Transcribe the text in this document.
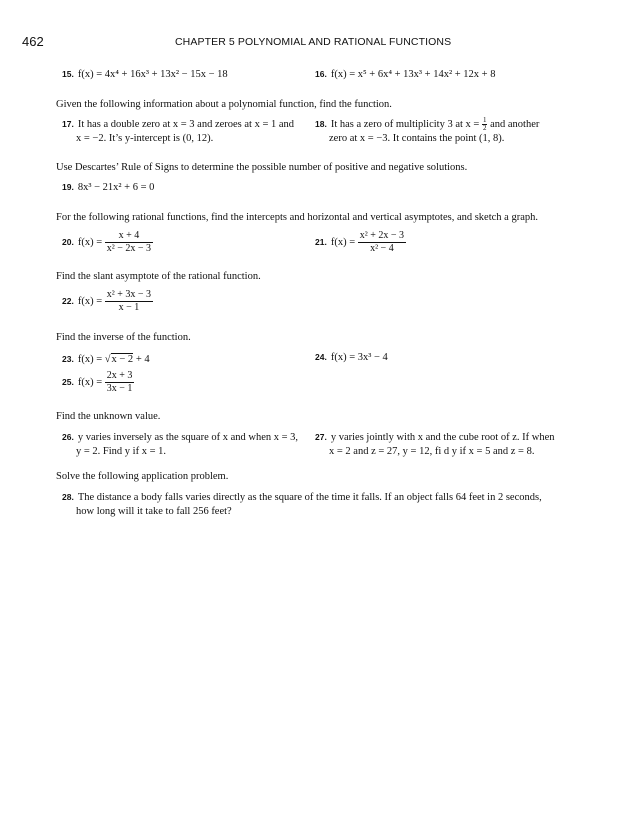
462	CHAPTER 5 POLYNOMIAL AND RATIONAL FUNCTIONS
15. f(x) = 4x⁴ + 16x³ + 13x² − 15x − 18	16. f(x) = x⁵ + 6x⁴ + 13x³ + 14x² + 12x + 8
Given the following information about a polynomial function, find the function.
17. It has a double zero at x = 3 and zeroes at x = 1 and
x = −2. It’s y-intercept is (0, 12).
18. It has a zero of multiplicity 3 at $x = \frac{1}{2}$ and another
zero at x = −3. It contains the point (1, 8).
Use Descartes’ Rule of Signs to determine the possible number of positive and negative solutions.
19. 8x³ − 21x² + 6 = 0
For the following rational functions, find the intercepts and horizontal and vertical asymptotes, and sketch a graph.
20. $f(x) = \frac{x + 4}{\text{x² − 2x − 3}}$	21. $f(x) = \frac{\text{x² + 2x − 3}}{\text{x² − 4}}$
Find the slant asymptote of the rational function.
22. $f(x) = \frac{\text{x² + 3x − 3}}{x - 1}$
Find the inverse of the function.
23. f(x) = √x − 2 + 4	24. f(x) = 3x³ − 4
25. $f(x) = \frac{2x + 3}{3x - 1}$
Find the unknown value.
26. y varies inversely as the square of x and when x = 3,
y = 2. Find y if x = 1.
27. y varies jointly with x and the cube root of z. If when
x = 2 and z = 27, y = 12, fi d y if x = 5 and z = 8.
Solve the following application problem.
28. The distance a body falls varies directly as the square of the time it falls. If an object falls 64 feet in 2 seconds,
how long will it take to fall 256 feet?
